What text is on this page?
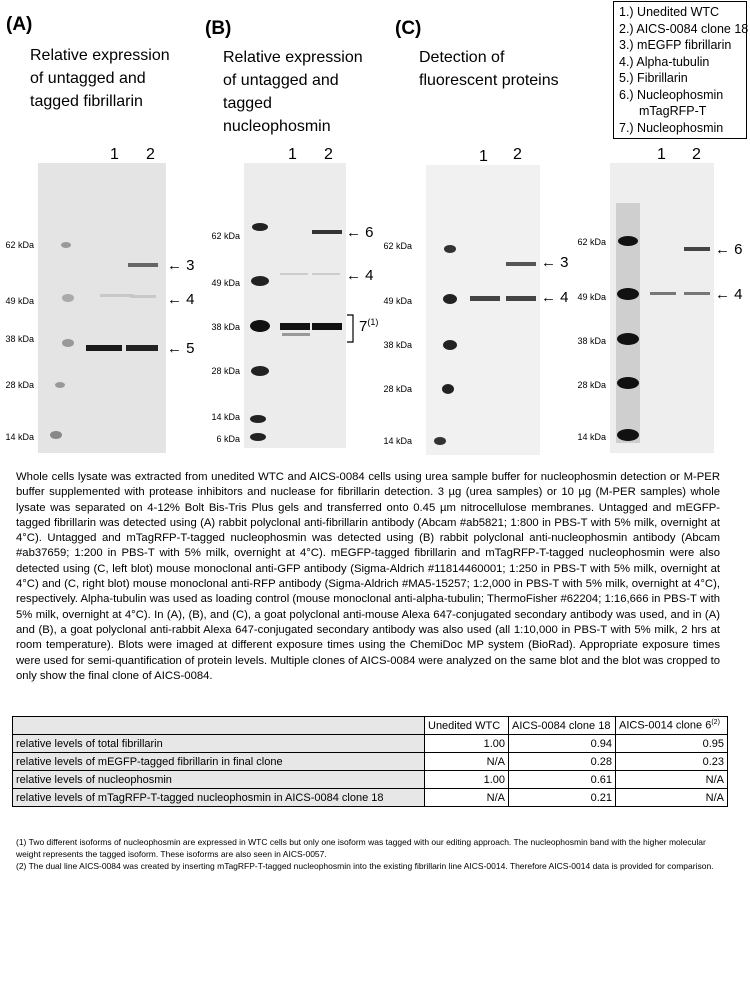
(A)
Relative expression
of untagged and
tagged fibrillarin
(B)
Relative expression
of untagged and
tagged
nucleophosmin
(C)
Detection of
fluorescent proteins
1.) Unedited WTC
2.) AICS-0084 clone 18
3.) mEGFP fibrillarin
4.) Alpha-tubulin
5.) Fibrillarin
6.) Nucleophosmin
mTagRFP-T
7.) Nucleophosmin
1 2
62 kDa
49 kDa
38 kDa
28 kDa
14 kDa
← 3
← 4
← 5
1 2
62 kDa
49 kDa
38 kDa
28 kDa
14 kDa
6 kDa
← 6
← 4
7$^{(1)}$
1 2
62 kDa
49 kDa
38 kDa
28 kDa
14 kDa
← 3
← 4
1 2
62 kDa
49 kDa
38 kDa
28 kDa
14 kDa
← 6
← 4
Whole cells lysate was extracted from unedited WTC and AICS-0084 cells using urea sample buffer for nucleophosmin detection or M-PER buffer supplemented with protease inhibitors and nuclease for fibrillarin detection. 3 µg (urea samples) or 10 µg (M-PER samples) whole lysate was separated on 4-12% Bolt Bis-Tris Plus gels and transferred onto 0.45 µm nitrocellulose membranes. Untagged and mEGFP-tagged fibrillarin was detected using (A) rabbit polyclonal anti-fibrillarin antibody (Abcam #ab5821; 1:800 in PBS-T with 5% milk, overnight at 4°C). Untagged and mTagRFP-T-tagged nucleophosmin was detected using (B) rabbit polyclonal anti-nucleophosmin antibody (Abcam #ab37659; 1:200 in PBS-T with 5% milk, overnight at 4°C). mEGFP-tagged fibrillarin and mTagRFP-T-tagged nucleophosmin were also detected using (C, left blot) mouse monoclonal anti-GFP antibody (Sigma-Aldrich #11814460001; 1:250 in PBS-T with 5% milk, overnight at 4°C) and (C, right blot) mouse monoclonal anti-RFP antibody (Sigma-Aldrich #MA5-15257; 1:2,000 in PBS-T with 5% milk, overnight at 4°C), respectively. Alpha-tubulin was used as loading control (mouse monoclonal anti-alpha-tubulin; ThermoFisher #62204; 1:16,666 in PBS-T with 5% milk, overnight at 4°C). In (A), (B), and (C), a goat polyclonal anti-mouse Alexa 647-conjugated secondary antibody was used, and in (A) and (B), a goat polyclonal anti-rabbit Alexa 647-conjugated secondary antibody was also used (all 1:10,000 in PBS-T with 5% milk, 2 hrs at room temperature). Blots were imaged at different exposure times using the ChemiDoc MP system (BioRad). Appropriate exposure times were used for semi-quantification of protein levels. Multiple clones of AICS-0084 were analyzed on the same blot and the blot was cropped to only show the final clone of AICS-0084.
	Unedited WTC	AICS-0084 clone 18	AICS-0014 clone 6$^{(2)}$
relative levels of total fibrillarin	1.00	0.94	0.95
relative levels of mEGFP-tagged fibrillarin in final clone	N/A	0.28	0.23
relative levels of nucleophosmin	1.00	0.61	N/A
relative levels of mTagRFP-T-tagged nucleophosmin in AICS-0084 clone 18	N/A	0.21	N/A
(1) Two different isoforms of nucleophosmin are expressed in WTC cells but only one isoform was tagged with our editing approach. The nucleophosmin band with the higher molecular weight represents the tagged isoform. These isoforms are also seen in AICS-0057.
(2) The dual line AICS-0084 was created by inserting mTagRFP-T-tagged nucleophosmin into the existing fibrillarin line AICS-0014. Therefore AICS-0014 data is provided for comparison.
